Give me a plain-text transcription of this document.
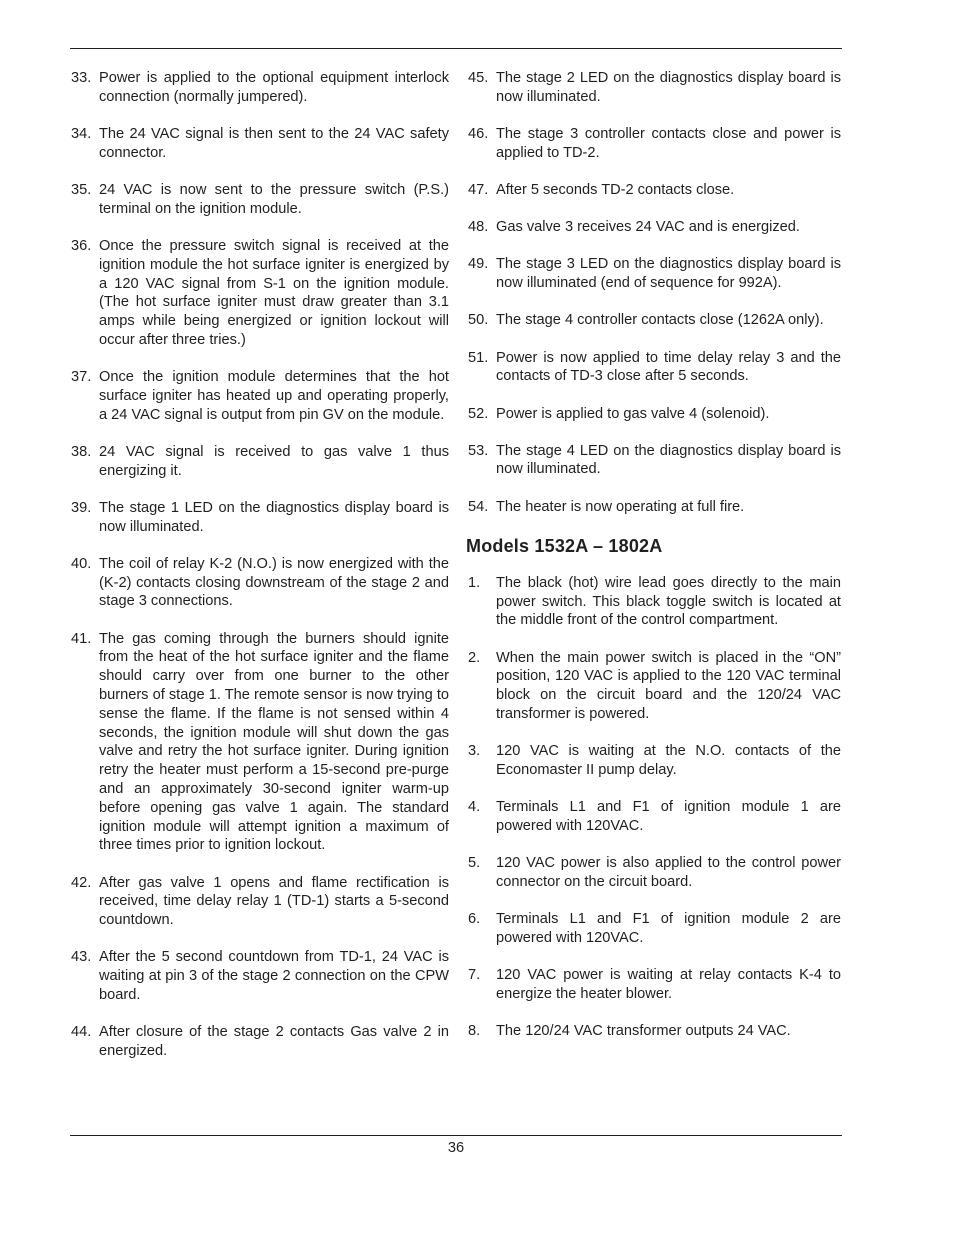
33. Power is applied to the optional equipment interlock connection (normally jumpered).
34. The 24 VAC signal is then sent to the 24 VAC safety connector.
35. 24 VAC is now sent to the pressure switch (P.S.) terminal on the ignition module.
36. Once the pressure switch signal is received at the ignition module the hot surface igniter is energized by a 120 VAC signal from S-1 on the ignition module. (The hot surface igniter must draw greater than 3.1 amps while being energized or ignition lockout will occur after three tries.)
37. Once the ignition module determines that the hot surface igniter has heated up and operating properly, a 24 VAC signal is output from pin GV on the module.
38. 24 VAC signal is received to gas valve 1 thus energizing it.
39. The stage 1 LED on the diagnostics display board is now illuminated.
40. The coil of relay K-2 (N.O.) is now energized with the (K-2) contacts closing downstream of the stage 2 and stage 3 connections.
41. The gas coming through the burners should ignite from the heat of the hot surface igniter and the flame should carry over from one burner to the other burners of stage 1. The remote sensor is now trying to sense the flame. If the flame is not sensed within 4 seconds, the ignition module will shut down the gas valve and retry the hot surface igniter. During ignition retry the heater must perform a 15-second pre-purge and an approximately 30-second igniter warm-up before opening gas valve 1 again. The standard ignition module will attempt ignition a maximum of three times prior to ignition lockout.
42. After gas valve 1 opens and flame rectification is received, time delay relay 1 (TD-1) starts a 5-second countdown.
43. After the 5 second countdown from TD-1, 24 VAC is waiting at pin 3 of the stage 2 connection on the CPW board.
44. After closure of the stage 2 contacts Gas valve 2 in energized.
45. The stage 2 LED on the diagnostics display board is now illuminated.
46. The stage 3 controller contacts close and power is applied to TD-2.
47. After 5 seconds TD-2 contacts close.
48. Gas valve 3 receives 24 VAC and is energized.
49. The stage 3 LED on the diagnostics display board is now illuminated (end of sequence for 992A).
50. The stage 4 controller contacts close (1262A only).
51. Power is now applied to time delay relay 3 and the contacts of TD-3 close after 5 seconds.
52. Power is applied to gas valve 4 (solenoid).
53. The stage 4 LED on the diagnostics display board is now illuminated.
54. The heater is now operating at full fire.
Models 1532A – 1802A
1. The black (hot) wire lead goes directly to the main power switch. This black toggle switch is located at the middle front of the control compartment.
2. When the main power switch is placed in the “ON” position, 120 VAC is applied to the 120 VAC terminal block on the circuit board and the 120/24 VAC transformer is powered.
3. 120 VAC is waiting at the N.O. contacts of the Economaster II pump delay.
4. Terminals L1 and F1 of ignition module 1 are powered with 120VAC.
5. 120 VAC power is also applied to the control power connector on the circuit board.
6. Terminals L1 and F1 of ignition module 2 are powered with 120VAC.
7. 120 VAC power is waiting at relay contacts K-4 to energize the heater blower.
8. The 120/24 VAC transformer outputs 24 VAC.
36
